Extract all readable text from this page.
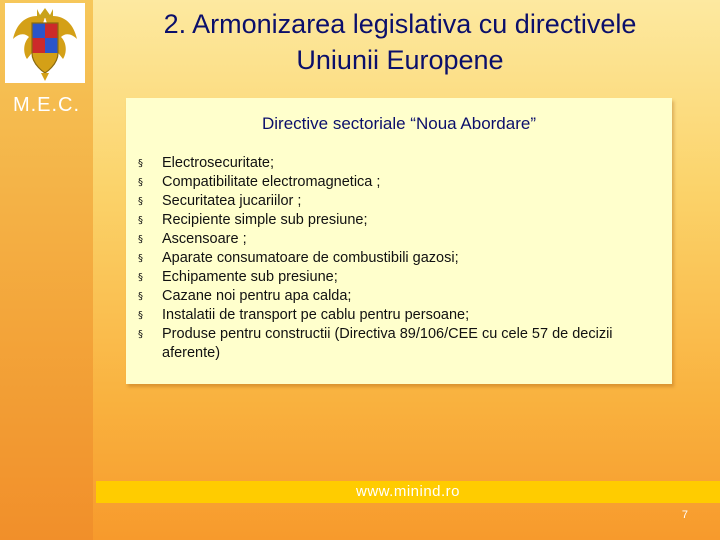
M.E.C.
2. Armonizarea legislativa cu directivele
Uniunii Europene
Directive sectoriale “Noua Abordare”
§ Electrosecuritate;
§ Compatibilitate electromagnetica ;
§ Securitatea jucariilor ;
§ Recipiente simple sub presiune;
§ Ascensoare ;
§ Aparate consumatoare de combustibili gazosi;
§ Echipamente sub presiune;
§ Cazane noi pentru apa calda;
§ Instalatii de transport pe cablu pentru persoane;
§ Produse pentru constructii (Directiva 89/106/CEE cu cele 57 de decizii aferente)
www.minind.ro
7
